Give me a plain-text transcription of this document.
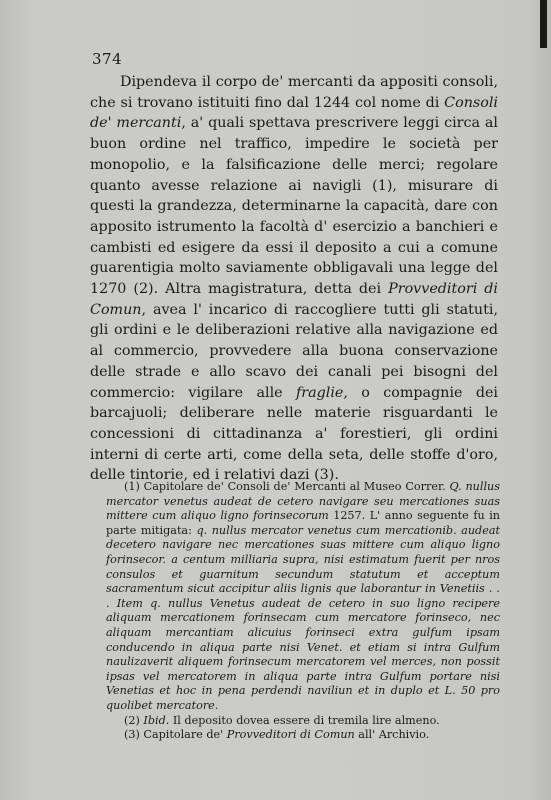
374

Dipendeva il corpo de' mercanti da appositi consoli, che si trovano istituiti fino dal 1244 col nome di Consoli de' mercanti, a' quali spettava prescrivere leggi circa al buon ordine nel traffico, impedire le società per monopolio, e la falsificazione delle merci; regolare quanto avesse relazione ai navigli (1), misurare di questi la grandezza, determinarne la capacità, dare con apposito istrumento la facoltà d' esercizio a banchieri e cambisti ed esigere da essi il deposito a cui a comune guarentigia molto saviamente obbligavali una legge del 1270 (2). Altra magistratura, detta dei Provveditori di Comun, avea l' incarico di raccogliere tutti gli statuti, gli ordini e le deliberazioni relative alla navigazione ed al commercio, provvedere alla buona conservazione delle strade e allo scavo dei canali pei bisogni del commercio: vigilare alle fraglie, o compagnie dei barcajuoli; deliberare nelle materie risguardanti le concessioni di cittadinanza a' forestieri, gli ordini interni di certe arti, come della seta, delle stoffe d'oro, delle tintorie, ed i relativi dazi (3).

(1) Capitolare de' Consoli de' Mercanti al Museo Correr. Q. nullus mercator venetus audeat de cetero navigare seu mercationes suas mittere cum aliquo ligno forinsecorum 1257. L' anno seguente fu in parte mitigata: q. nullus mercator venetus cum mercationib. audeat decetero navigare nec mercationes suas mittere cum aliquo ligno forinsecor. a centum milliaria supra, nisi estimatum fuerit per nros consulos et guarnitum secundum statutum et acceptum sacramentum sicut accipitur aliis lignis que laborantur in Venetiis . . . Item q. nullus Venetus audeat de cetero in suo ligno recipere aliquam mercationem forinsecam cum mercatore forinseco, nec aliquam mercantiam alicuius forinseci extra gulfum ipsam conducendo in aliqua parte nisi Venet. et etiam si intra Gulfum naulizaverit aliquem forinsecum mercatorem vel merces, non possit ipsas vel mercatorem in aliqua parte intra Gulfum portare nisi Venetias et hoc in pena perdendi naviliun et in duplo et L. 50 pro quolibet mercatore.

(2) Ibid. Il deposito dovea essere di tremila lire almeno.

(3) Capitolare de' Provveditori di Comun all' Archivio.
